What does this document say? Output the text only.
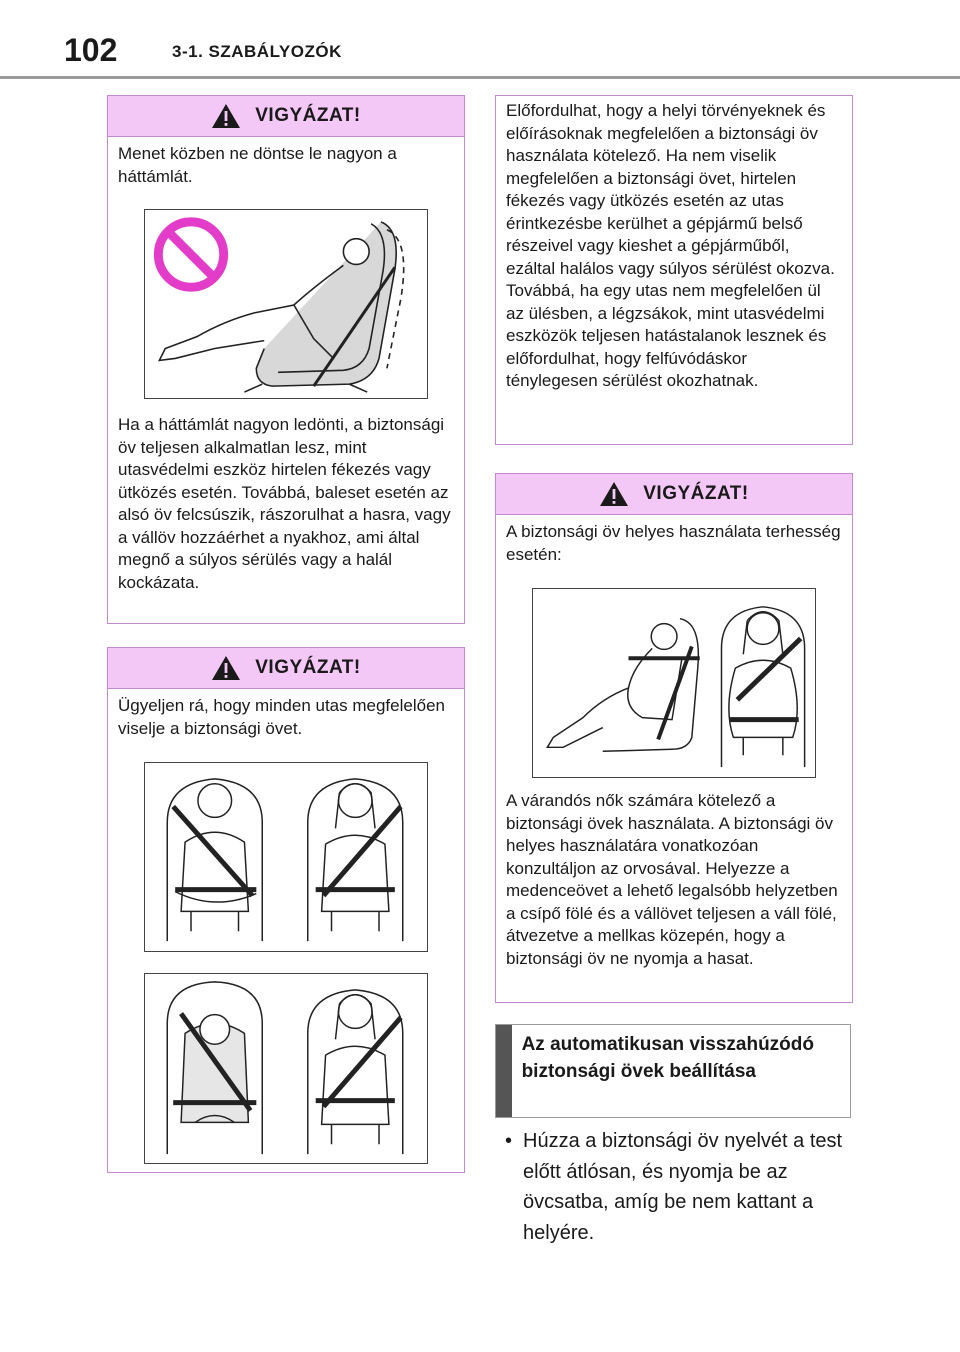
102	3-1. SZABÁLYOZÓK
VIGYÁZAT!

Menet közben ne döntse le nagyon a háttámlát.

Ha a háttámlát nagyon ledönti, a biztonsági öv teljesen alkalmatlan lesz, mint utasvédelmi eszköz hirtelen fékezés vagy ütközés esetén. Továbbá, baleset esetén az alsó öv felcsúszik, rászorulhat a hasra, vagy a vállöv hozzáérhet a nyakhoz, ami által megnő a súlyos sérülés vagy a halál kockázata.

VIGYÁZAT!

Ügyeljen rá, hogy minden utas megfelelően viselje a biztonsági övet.

Előfordulhat, hogy a helyi törvényeknek és előírásoknak megfelelően a biztonsági öv használata kötelező. Ha nem viselik megfelelően a biztonsági övet, hirtelen fékezés vagy ütközés esetén az utas érintkezésbe kerülhet a gépjármű belső részeivel vagy kieshet a gépjárműből, ezáltal halálos vagy súlyos sérülést okozva. Továbbá, ha egy utas nem megfelelően ül az ülésben, a légzsákok, mint utasvédelmi eszközök teljesen hatástalanok lesznek és előfordulhat, hogy felfúvódáskor ténylegesen sérülést okozhatnak.

VIGYÁZAT!

A biztonsági öv helyes használata terhesség esetén:

A várandós nők számára kötelező a biztonsági övek használata. A biztonsági öv helyes használatára vonatkozóan konzultáljon az orvosával. Helyezze a medenceövet a lehető legalsóbb helyzetben a csípő fölé és a vállövet teljesen a váll fölé, átvezetve a mellkas közepén, hogy a biztonsági öv ne nyomja a hasat.

Az automatikusan visszahúzódó biztonsági övek beállítása
• Húzza a biztonsági öv nyelvét a test előtt átlósan, és nyomja be az övcsatba, amíg be nem kattant a helyére.
